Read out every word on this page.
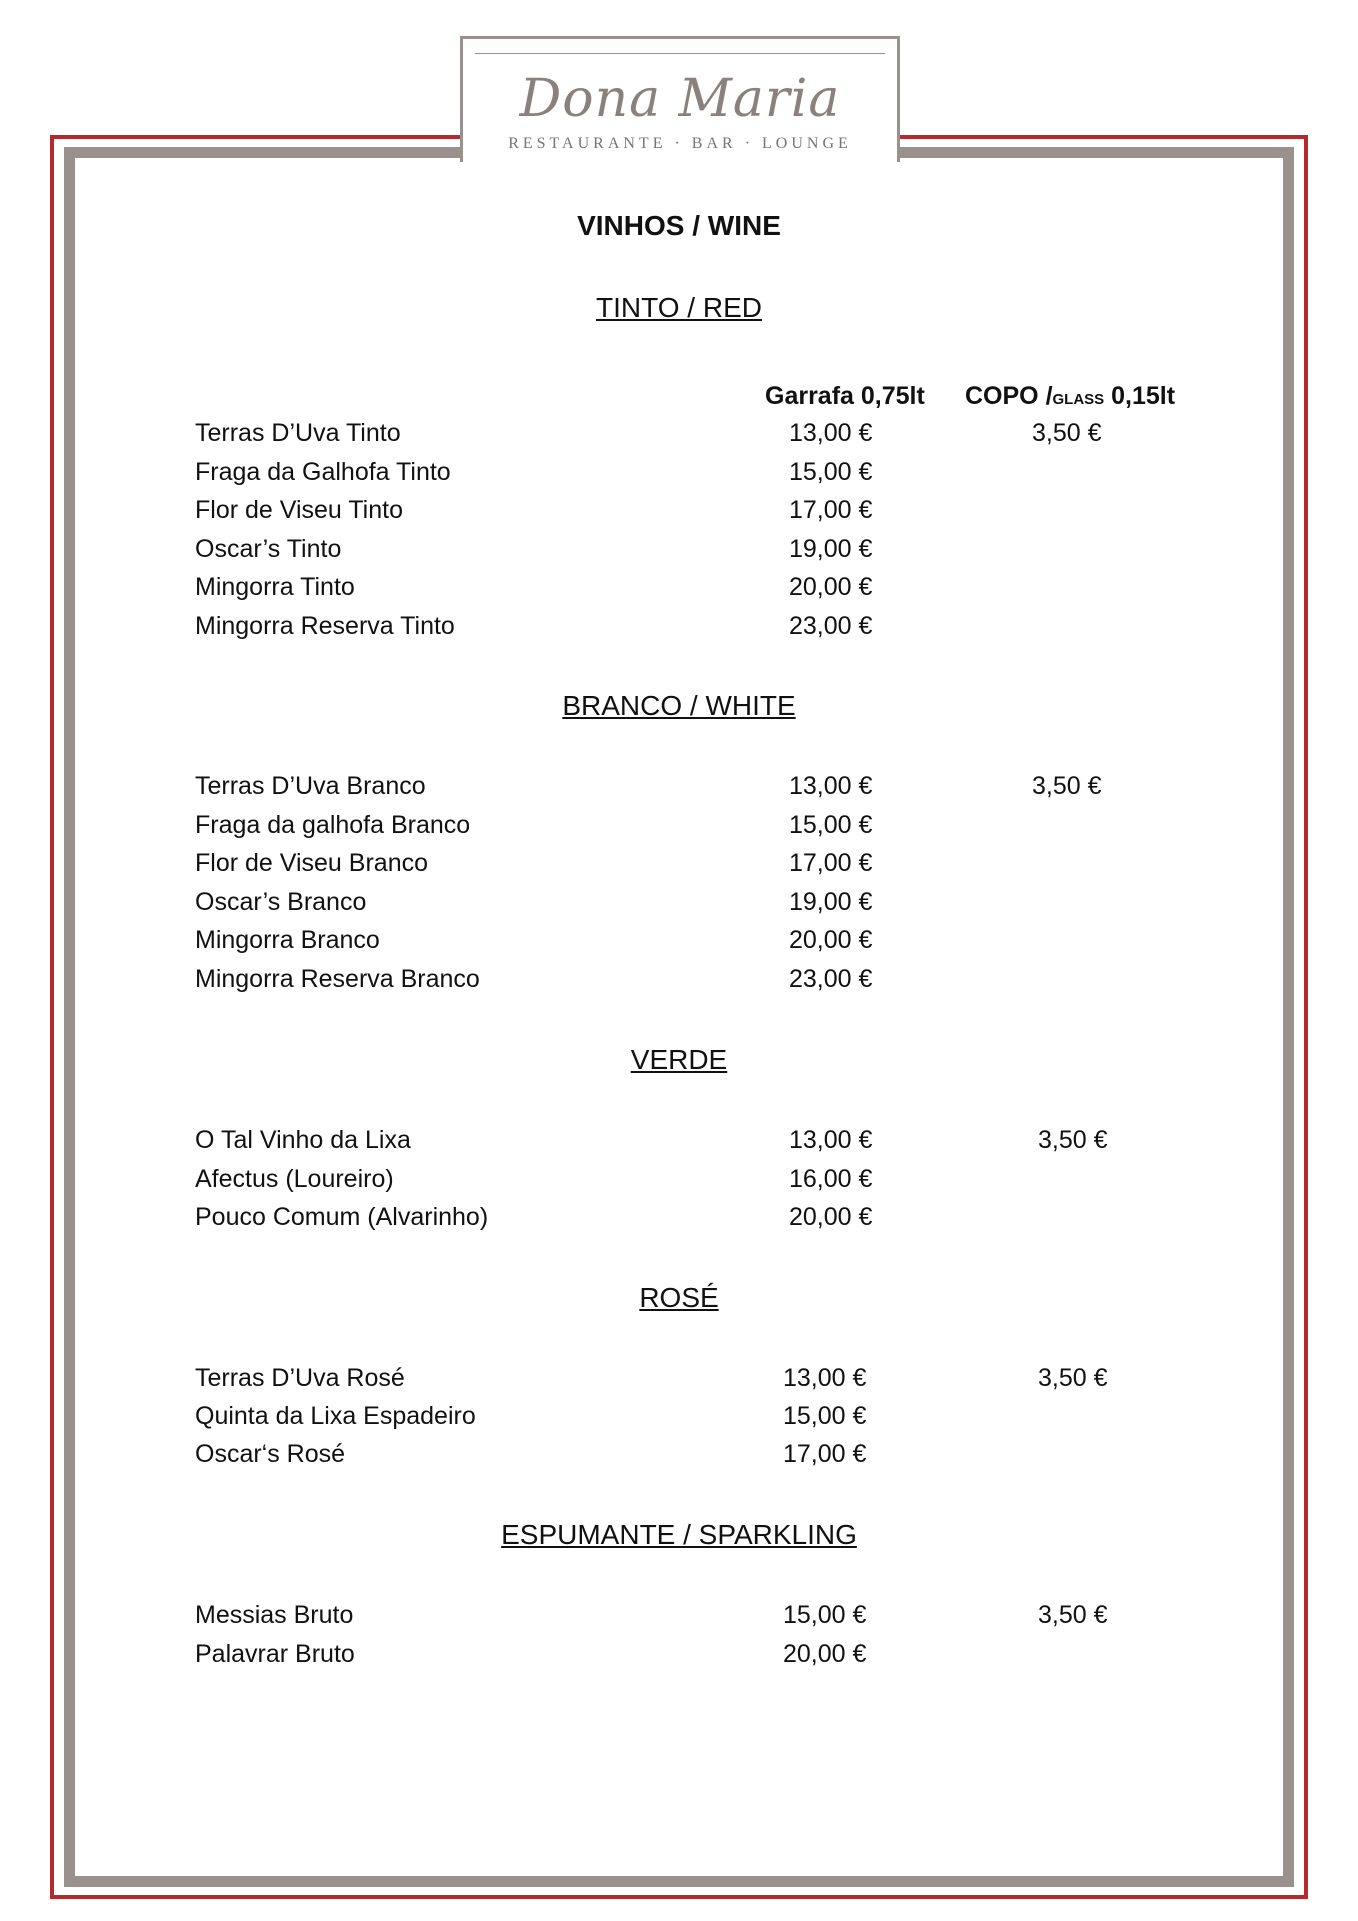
Dona Maria
RESTAURANTE · BAR · LOUNGE
VINHOS / WINE
Garrafa 0,75lt COPO /GLASS 0,15lt
TINTO / RED
Terras D’Uva Tinto	13,00 €	3,50 €
Fraga da Galhofa Tinto	15,00 €
Flor de Viseu Tinto	17,00 €
Oscar’s Tinto	19,00 €
Mingorra Tinto	20,00 €
Mingorra Reserva Tinto	23,00 €
BRANCO / WHITE
Terras D’Uva Branco	13,00 €	3,50 €
Fraga da galhofa Branco	15,00 €
Flor de Viseu Branco	17,00 €
Oscar’s Branco	19,00 €
Mingorra Branco	20,00 €
Mingorra Reserva Branco	23,00 €
VERDE
O Tal Vinho da Lixa	13,00 €	3,50 €
Afectus (Loureiro)	16,00 €
Pouco Comum (Alvarinho)	20,00 €
ROSÉ
Terras D’Uva Rosé	13,00 €	3,50 €
Quinta da Lixa Espadeiro	15,00 €
Oscar‘s Rosé	17,00 €
ESPUMANTE / SPARKLING
Messias Bruto	15,00 €	3,50 €
Palavrar Bruto	20,00 €
